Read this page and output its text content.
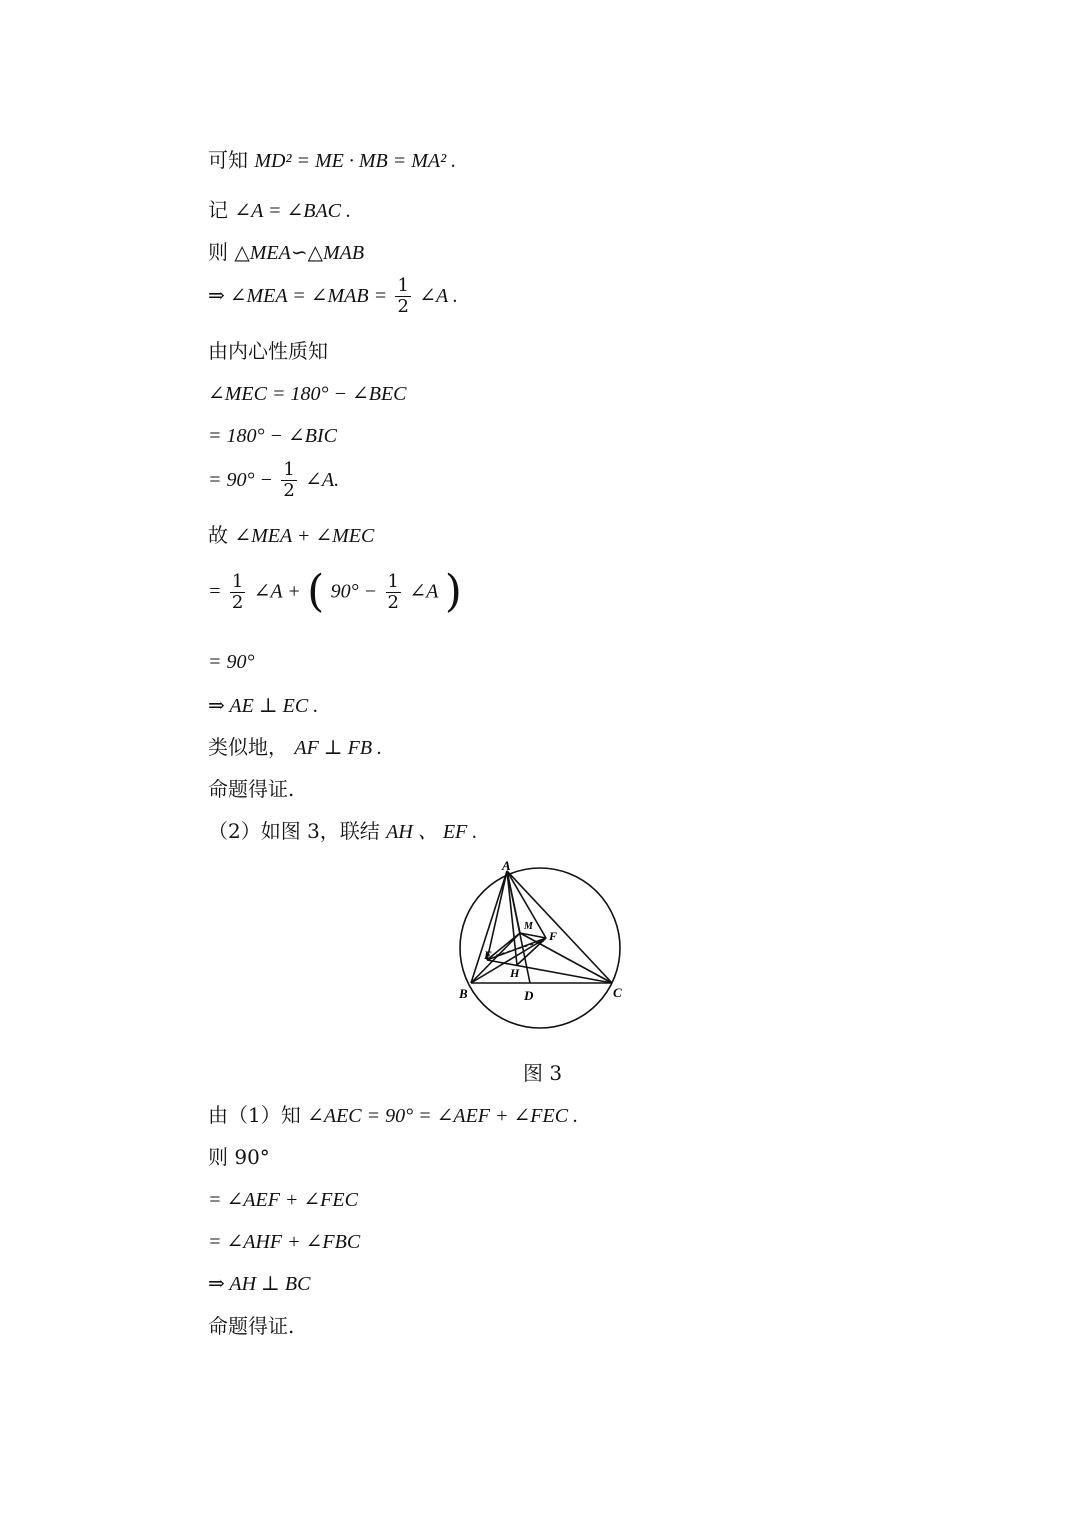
可知 MD² = ME · MB = MA² .
记 ∠A = ∠BAC .
则 △MEA∽△MAB
⇒ ∠MEA = ∠MAB = $\frac{1}{2}$ ∠A .
由内心性质知
∠MEC = 180° − ∠BEC
= 180° − ∠BIC
= $90^\circ - \frac{1}{2}$ ∠A.
故 ∠MEA + ∠MEC
= $\frac{1}{2}$ ∠A + ( $90^\circ - \frac{1}{2}$ ∠A )
= 90°
⇒ AE ⊥ EC .
类似地， AF ⊥ FB .
命题得证.
（2）如图 3，联结 AH 、 EF .
A
B	C
D
E
F
H
M
图 3
由（1）知 ∠AEC = 90° = ∠AEF + ∠FEC .
则 90°
= ∠AEF + ∠FEC
= ∠AHF + ∠FBC
⇒ AH ⊥ BC
命题得证.
